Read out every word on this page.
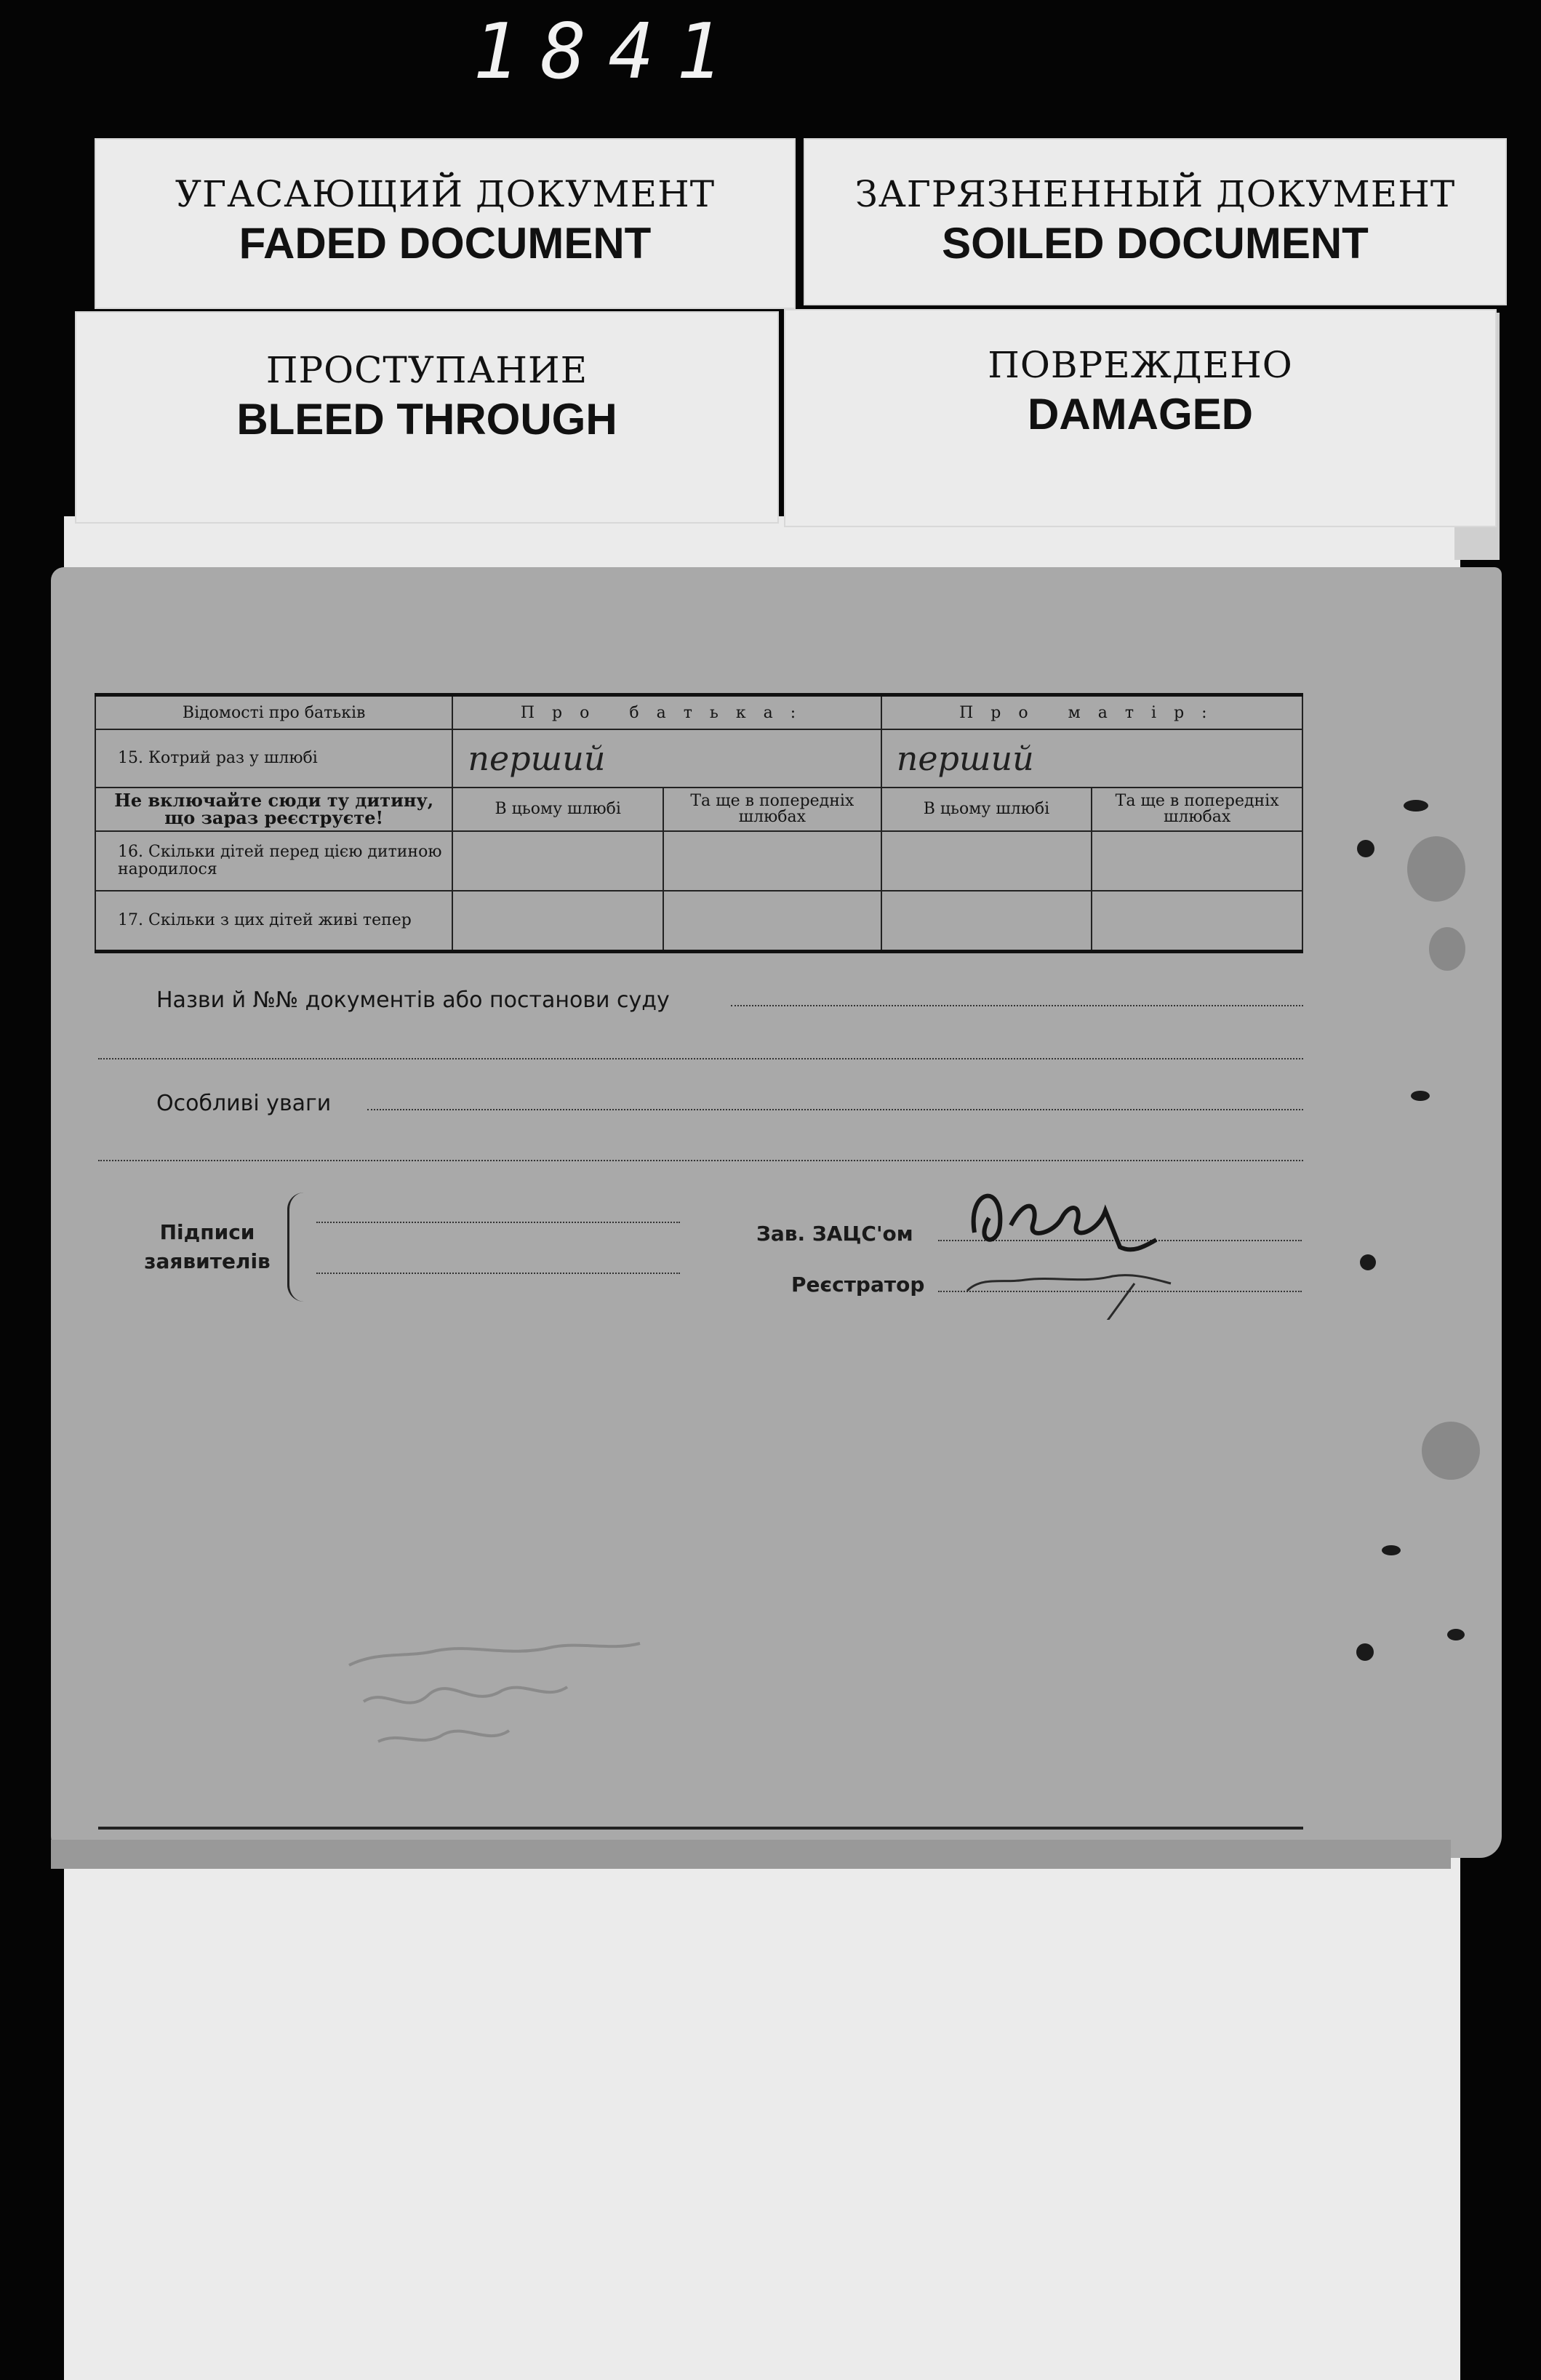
1841
УГАСАЮЩИЙ ДОКУМЕНТ
FADED DOCUMENT
ЗАГРЯЗНЕННЫЙ ДОКУМЕНТ
SOILED DOCUMENT
ПРОСТУПАНИЕ
BLEED THROUGH
ПОВРЕЖДЕНО
DAMAGED
Відомості про батьків	Про батька:		Про матір:	
15. Котрий раз у шлюбі	перший		перший	
Не включайте сюди ту дитину, що зараз реєструєте!	В цьому шлюбі	Та ще в попередніх шлюбах	В цьому шлюбі	Та ще в попередніх шлюбах
16. Скільки дітей перед цією дитиною народилося				
17. Скільки з цих дітей живі тепер				
Назви й №№ документів або постанови суду
Особливі уваги
Підписи заявителів
Зав. ЗАЦС'ом
Реєстратор
